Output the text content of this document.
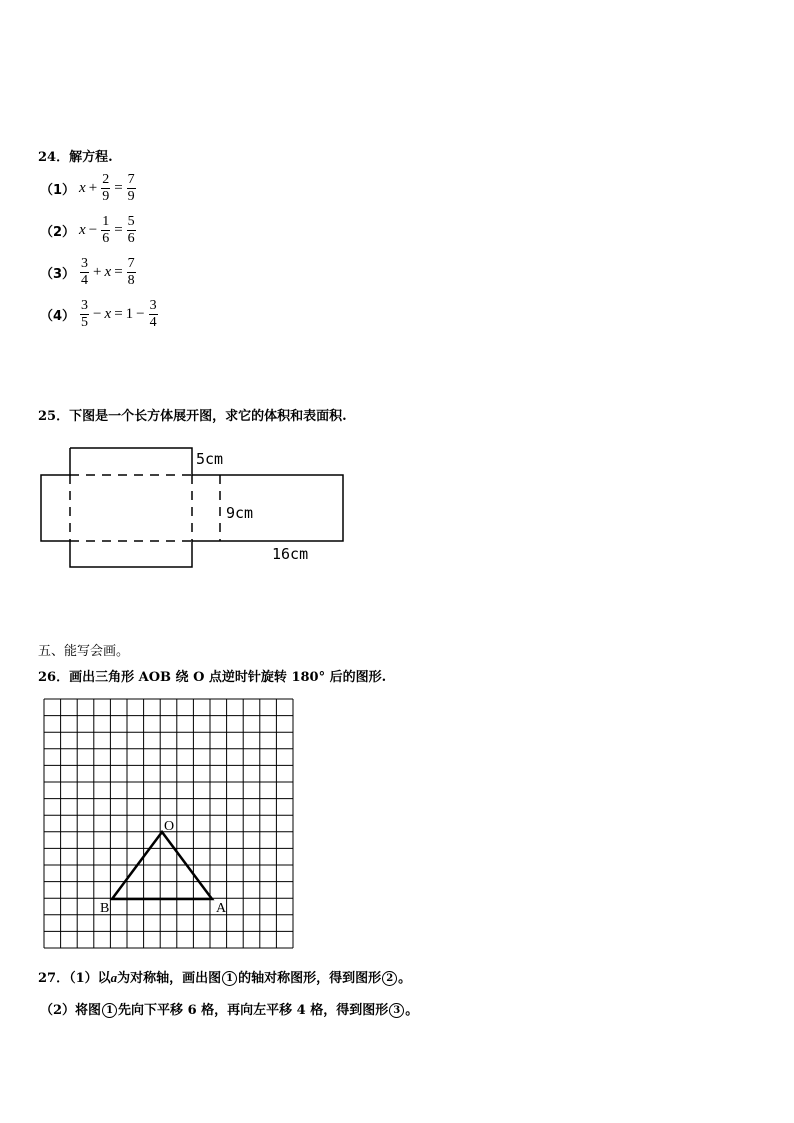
24．解方程.
（1） $x + \frac{2}{9} = \frac{7}{9}$
（2） $x - \frac{1}{6} = \frac{5}{6}$
$(3) \frac{3}{4} + x = \frac{7}{8}$
$(4) \frac{3}{5} - x = 1 - \frac{3}{4}$
25．下图是一个长方体展开图，求它的体积和表面积.
5cm
9cm
16cm
五、能写会画。
26．画出三角形 AOB 绕 O 点逆时针旋转 180° 后的图形.
O
B	A
27．（1）以a为对称轴，画出图 1 的轴对称图形，得到图形 2 。
（2）将图 1 先向下平移 6 格，再向左平移 4 格，得到图形 3 。
